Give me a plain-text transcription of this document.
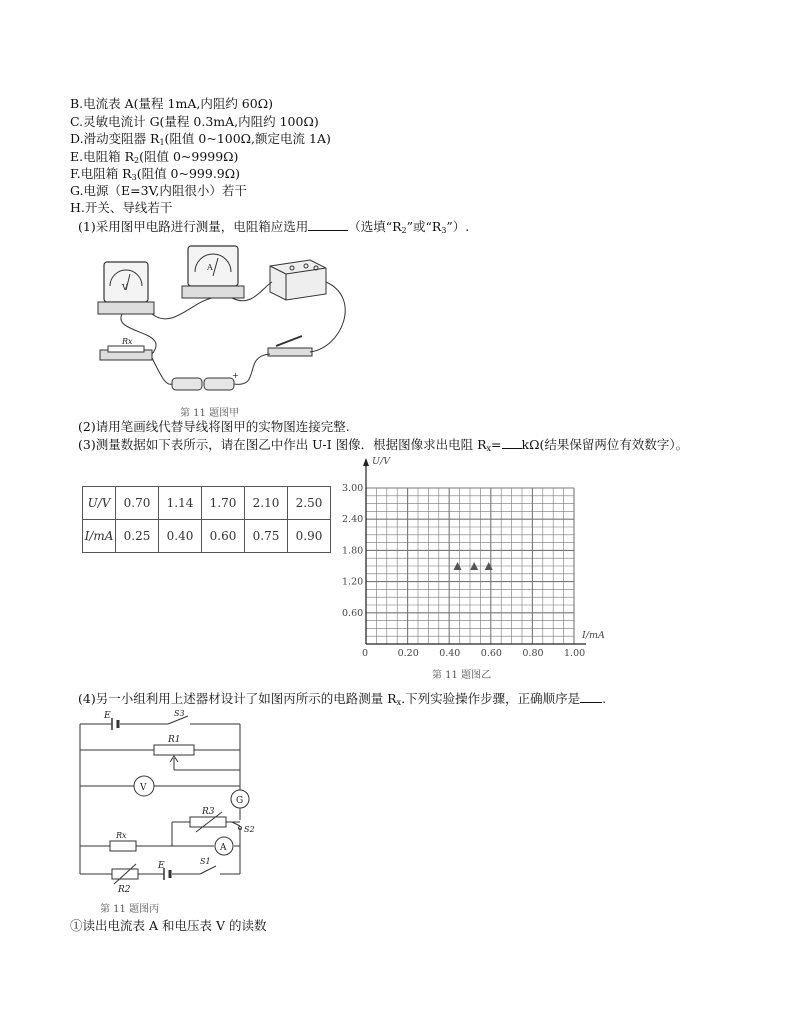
B.电流表 A(量程 1mA,内阻约 60Ω)
C.灵敏电流计 G(量程 0.3mA,内阻约 100Ω)
D.滑动变阻器 $R_1$(阻值 0~100Ω,额定电流 1A)
E.电阻箱 $R_2$(阻值 0~9999Ω)
F.电阻箱 $R_3$(阻值 0~999.9Ω)
G.电源（E=3V,内阻很小）若干
H.开关、导线若干
(1)采用图甲电路进行测量，电阻箱应选用	（选填“$R_2$”或“$R_3$”）.
V
A
Rx
+
第 11 题图甲
(2)请用笔画线代替导线将图甲的实物图连接完整.
(3)测量数据如下表所示，请在图乙中作出 U-I 图像．根据图像求出电阻 $R_x= k\Omega$(结果保留两位有效数字）。
U/V	0.70	1.14	1.70	2.10	2.50
I/mA	0.25	0.40	0.60	0.75	0.90
U/V
I/mA
0	0.20 0.40 0.60 0.80 1.00
0.60
1.20
1.80
2.40
3.00
第 11 题图乙
(4)另一小组利用上述器材设计了如图丙所示的电路测量 $R_x$.下列实验操作步骤，正确顺序是 .
E	S3
R1
V
G
R3
S2
Rx
A
R2
E	S1
第 11 题图丙
①读出电流表 A 和电压表 V 的读数
